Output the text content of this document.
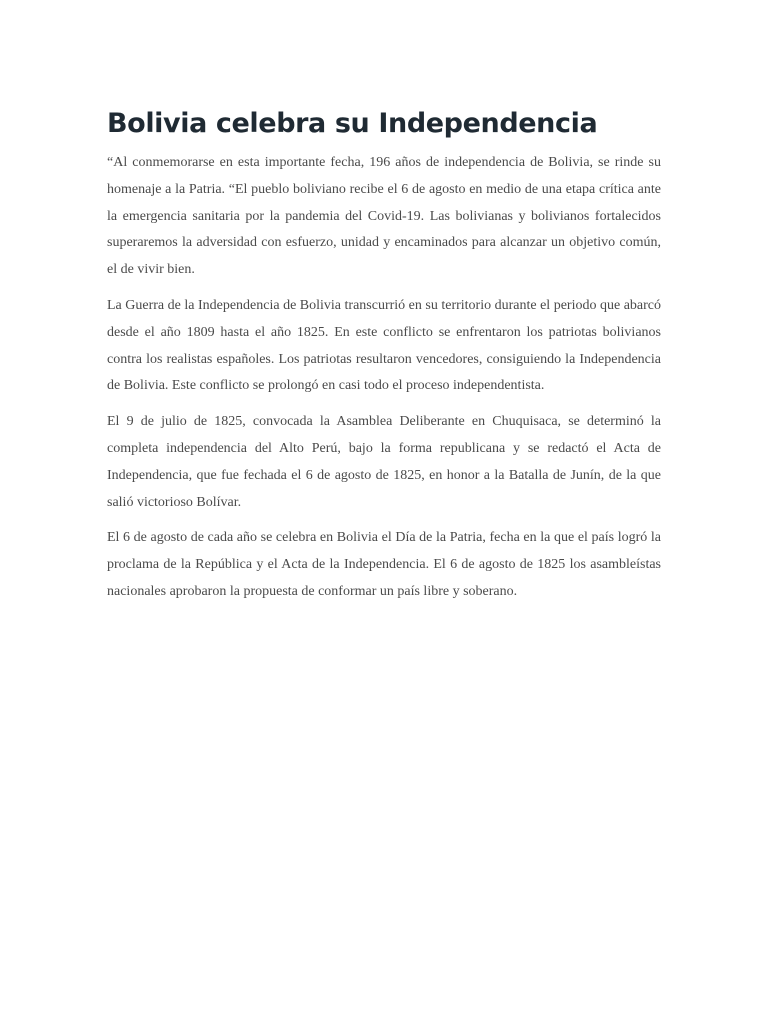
Bolivia celebra su Independencia

“Al conmemorarse en esta importante fecha, 196 años de independencia de Bolivia, se rinde su homenaje a la Patria. “El pueblo boliviano recibe el 6 de agosto en medio de una etapa crítica ante la emergencia sanitaria por la pandemia del Covid-19. Las bolivianas y bolivianos fortalecidos superaremos la adversidad con esfuerzo, unidad y encaminados para alcanzar un objetivo común, el de vivir bien.

La Guerra de la Independencia de Bolivia transcurrió en su territorio durante el periodo que abarcó desde el año 1809 hasta el año 1825. En este conflicto se enfrentaron los patriotas bolivianos contra los realistas españoles. Los patriotas resultaron vencedores, consiguiendo la Independencia de Bolivia. Este conflicto se prolongó en casi todo el proceso independentista.

El 9 de julio de 1825, convocada la Asamblea Deliberante en Chuquisaca, se determinó la completa independencia del Alto Perú, bajo la forma republicana y se redactó el Acta de Independencia, que fue fechada el 6 de agosto de 1825, en honor a la Batalla de Junín, de la que salió victorioso Bolívar.

El 6 de agosto de cada año se celebra en Bolivia el Día de la Patria, fecha en la que el país logró la proclama de la República y el Acta de la Independencia. El 6 de agosto de 1825 los asambleístas nacionales aprobaron la propuesta de conformar un país libre y soberano.
